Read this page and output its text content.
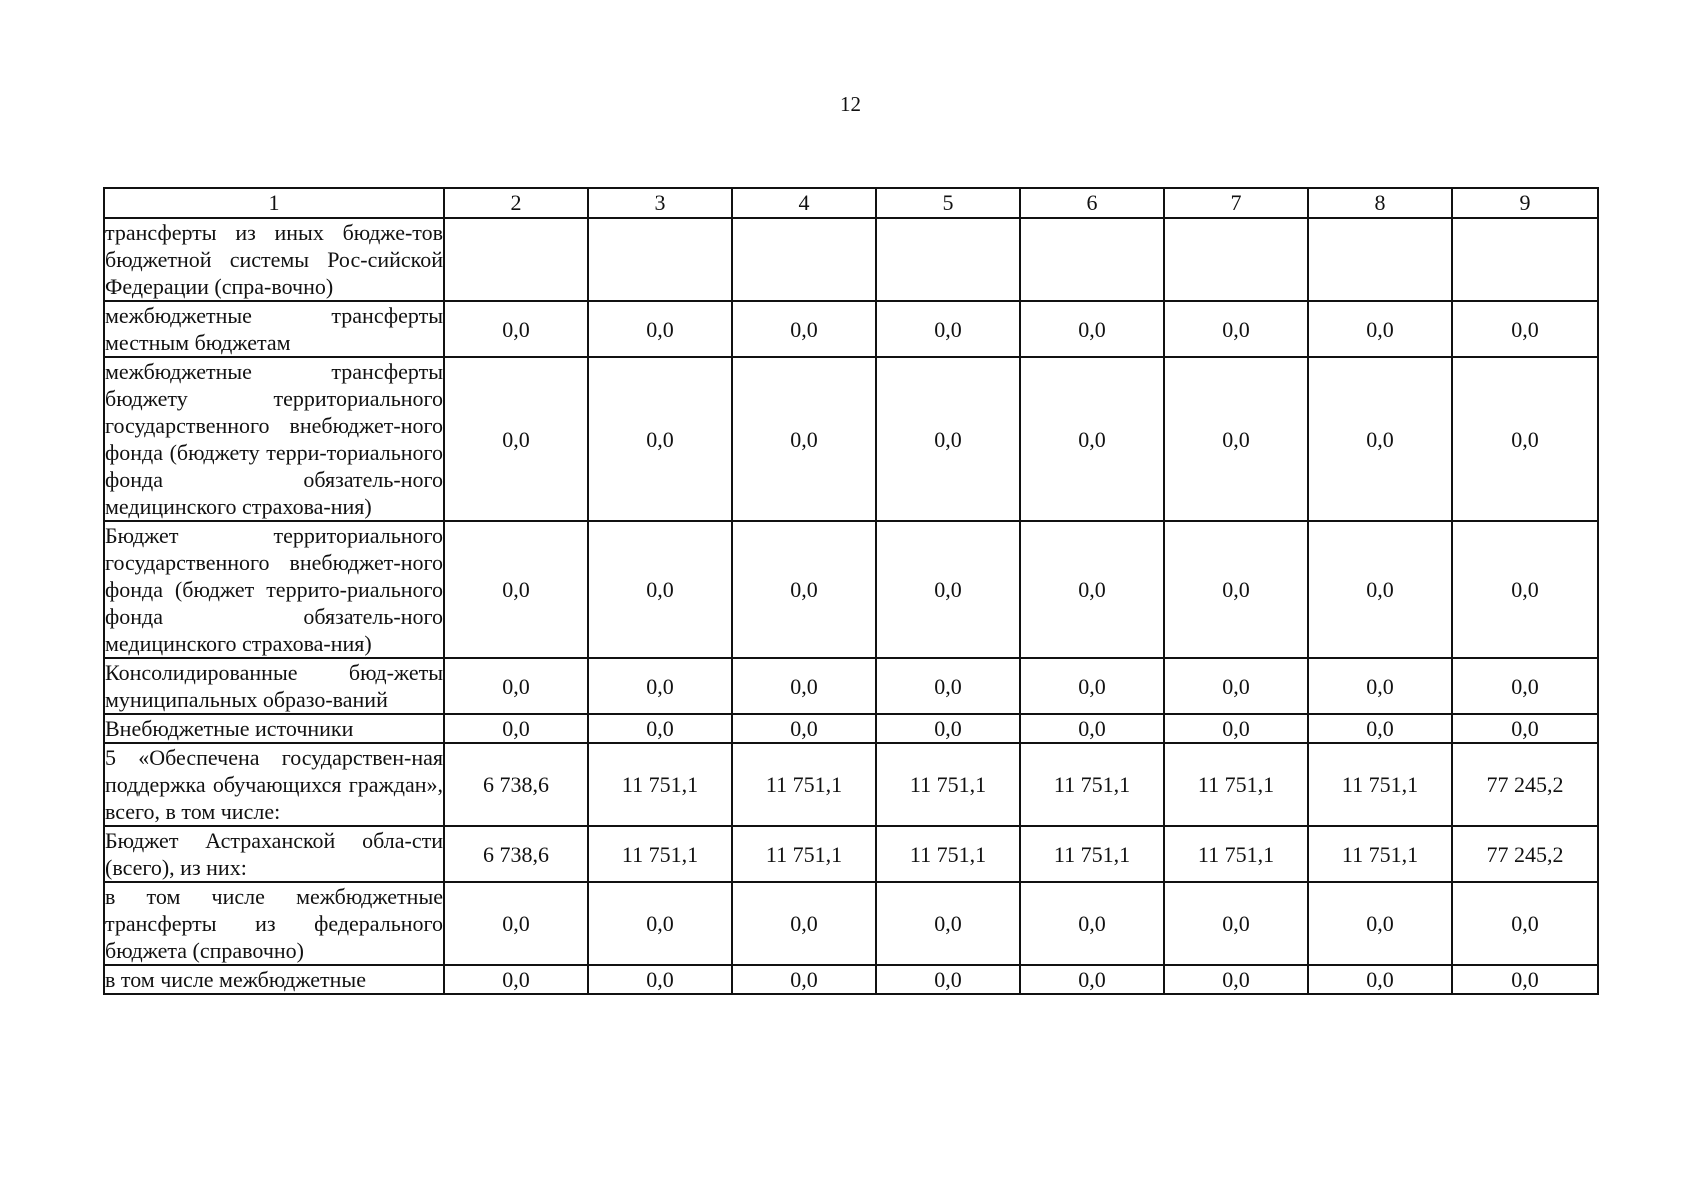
12
1	2	3	4	5	6	7	8	9
трансферты из иных бюдже-тов бюджетной системы Рос-сийской Федерации (спра-вочно)								
межбюджетные трансферты местным бюджетам	0,0	0,0	0,0	0,0	0,0	0,0	0,0	0,0
межбюджетные трансферты бюджету территориального государственного внебюджет-ного фонда (бюджету терри-ториального фонда обязатель-ного медицинского страхова-ния)	0,0	0,0	0,0	0,0	0,0	0,0	0,0	0,0
Бюджет территориального государственного внебюджет-ного фонда (бюджет террито-риального фонда обязатель-ного медицинского страхова-ния)	0,0	0,0	0,0	0,0	0,0	0,0	0,0	0,0
Консолидированные бюд-жеты муниципальных образо-ваний	0,0	0,0	0,0	0,0	0,0	0,0	0,0	0,0
Внебюджетные источники	0,0	0,0	0,0	0,0	0,0	0,0	0,0	0,0
5 «Обеспечена государствен-ная поддержка обучающихся граждан», всего, в том числе:	6 738,6	11 751,1	11 751,1	11 751,1	11 751,1	11 751,1	11 751,1	77 245,2
Бюджет Астраханской обла-сти (всего), из них:	6 738,6	11 751,1	11 751,1	11 751,1	11 751,1	11 751,1	11 751,1	77 245,2
в том числе межбюджетные трансферты из федерального бюджета (справочно)	0,0	0,0	0,0	0,0	0,0	0,0	0,0	0,0
в том числе межбюджетные	0,0	0,0	0,0	0,0	0,0	0,0	0,0	0,0
